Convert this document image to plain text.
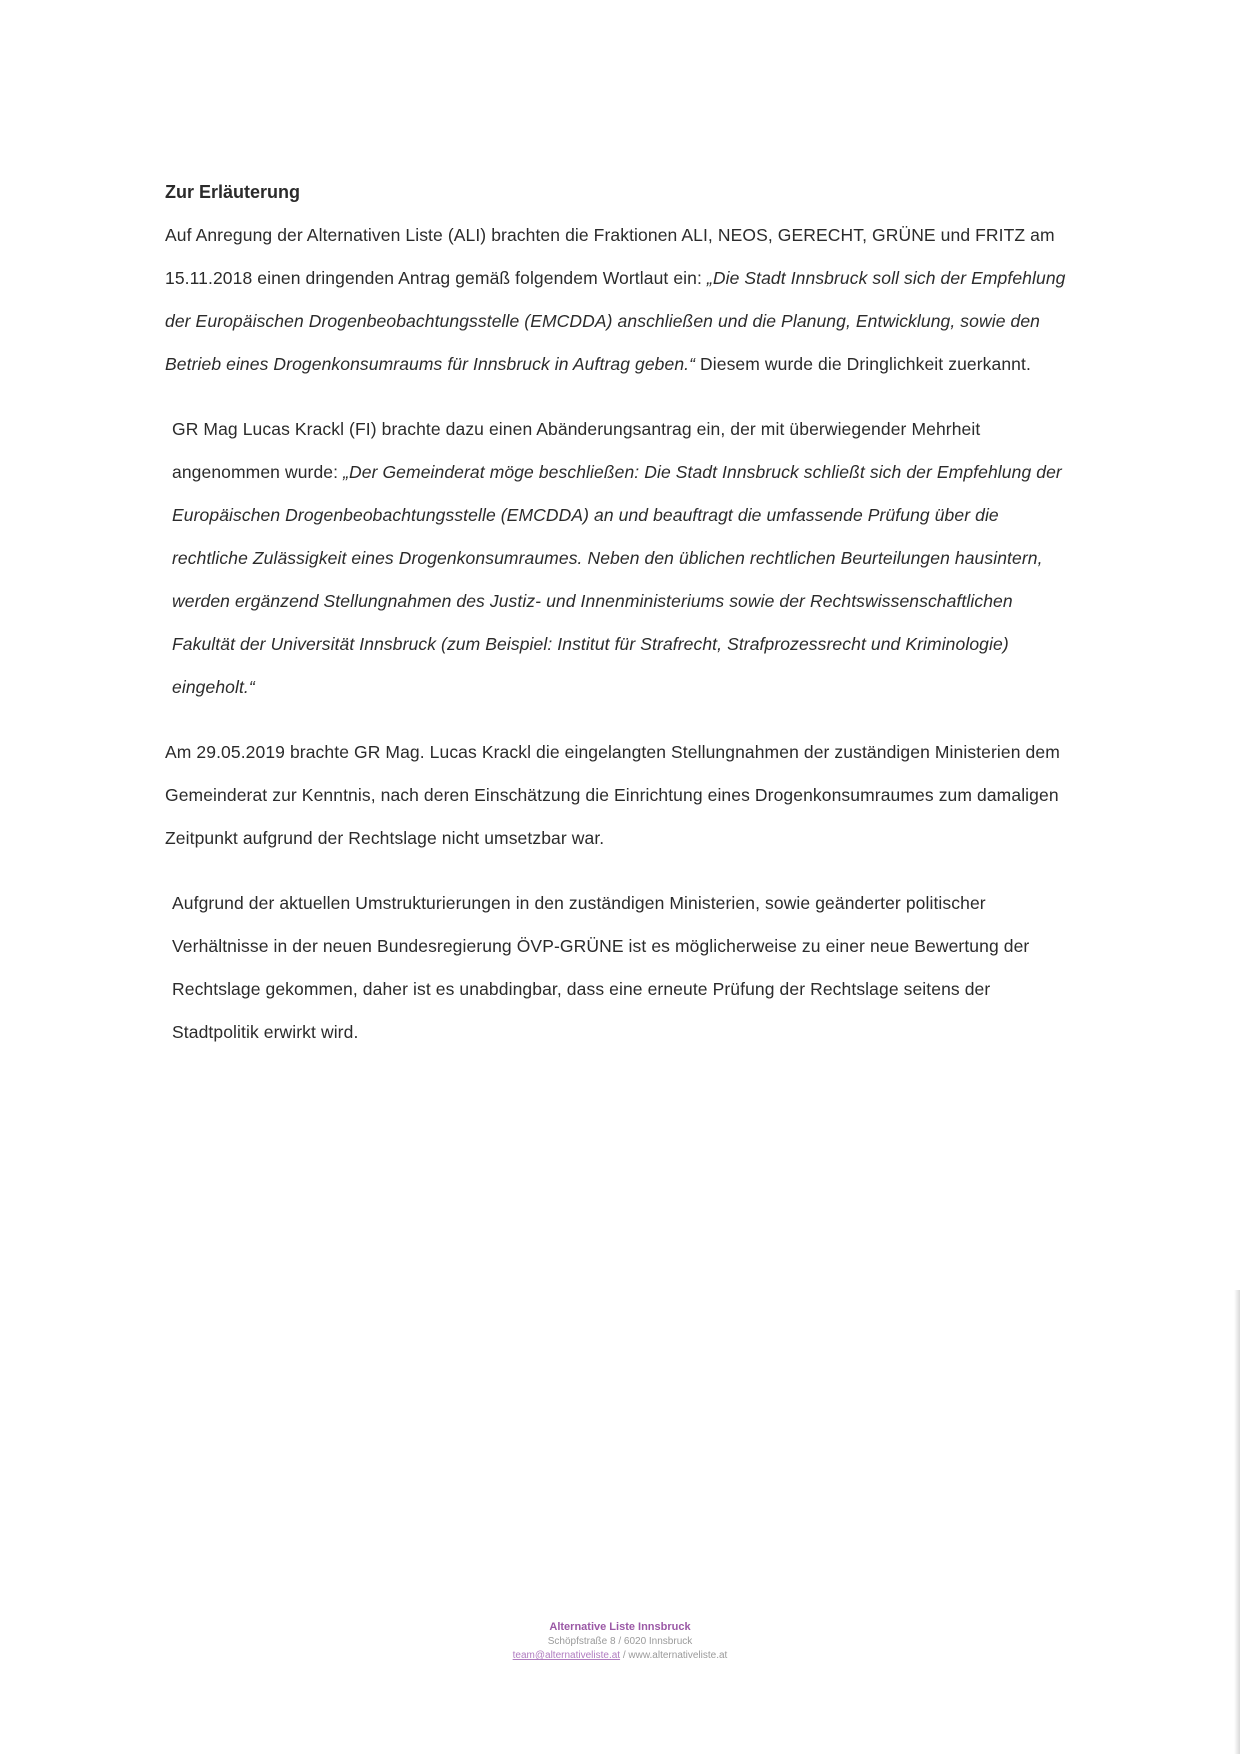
Zur Erläuterung

Auf Anregung der Alternativen Liste (ALI) brachten die Fraktionen ALI, NEOS, GERECHT, GRÜNE und FRITZ am 15.11.2018 einen dringenden Antrag gemäß folgendem Wortlaut ein: „Die Stadt Innsbruck soll sich der Empfehlung der Europäischen Drogenbeobachtungsstelle (EMCDDA) anschließen und die Planung, Entwicklung, sowie den Betrieb eines Drogenkonsumraums für Innsbruck in Auftrag geben.“ Diesem wurde die Dringlichkeit zuerkannt.

GR Mag Lucas Krackl (FI) brachte dazu einen Abänderungsantrag ein, der mit überwiegender Mehrheit angenommen wurde: „Der Gemeinderat möge beschließen: Die Stadt Innsbruck schließt sich der Empfehlung der Europäischen Drogenbeobachtungsstelle (EMCDDA) an und beauftragt die umfassende Prüfung über die rechtliche Zulässigkeit eines Drogenkonsumraumes. Neben den üblichen rechtlichen Beurteilungen hausintern, werden ergänzend Stellungnahmen des Justiz- und Innenministeriums sowie der Rechtswissenschaftlichen Fakultät der Universität Innsbruck (zum Beispiel: Institut für Strafrecht, Strafprozessrecht und Kriminologie) eingeholt.“

Am 29.05.2019 brachte GR Mag. Lucas Krackl die eingelangten Stellungnahmen der zuständigen Ministerien dem Gemeinderat zur Kenntnis, nach deren Einschätzung die Einrichtung eines Drogenkonsumraumes zum damaligen Zeitpunkt aufgrund der Rechtslage nicht umsetzbar war.

Aufgrund der aktuellen Umstrukturierungen in den zuständigen Ministerien, sowie geänderter politischer Verhältnisse in der neuen Bundesregierung ÖVP-GRÜNE ist es möglicherweise zu einer neue Bewertung der Rechtslage gekommen, daher ist es unabdingbar, dass eine erneute Prüfung der Rechtslage seitens der Stadtpolitik erwirkt wird.

Alternative Liste Innsbruck
Schöpfstraße 8 / 6020 Innsbruck
team@alternativeliste.at / www.alternativeliste.at
